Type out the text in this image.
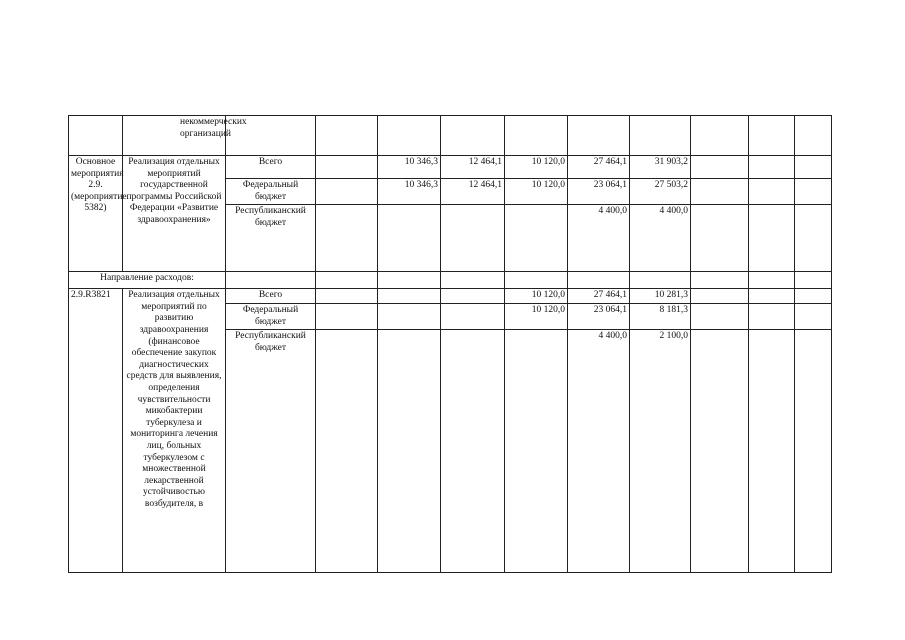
	некоммерческих организаций										
Основное мероприятия 2.9. (мероприятие 5382)	Реализация отдельных мероприятий государственной программы Российской Федерации «Развитие здравоохранения»	Всего		10 346,3	12 464,1	10 120,0	27 464,1	31 903,2			
		Федеральный бюджет		10 346,3	12 464,1	10 120,0	23 064,1	27 503,2			
		Республиканский бюджет					4 400,0	4 400,0			
Направление расходов:											
2.9.R3821	Реализация отдельных мероприятий по развитию здравоохранения (финансовое обеспечение закупок диагностических средств для выявления, определения чувствительности микобактерии туберкулеза и мониторинга лечения лиц, больных туберкулезом с множественной лекарственной устойчивостью возбудителя, в	Всего				10 120,0	27 464,1	10 281,3			
		Федеральный бюджет				10 120,0	23 064,1	8 181,3			
		Республиканский бюджет					4 400,0	2 100,0			
